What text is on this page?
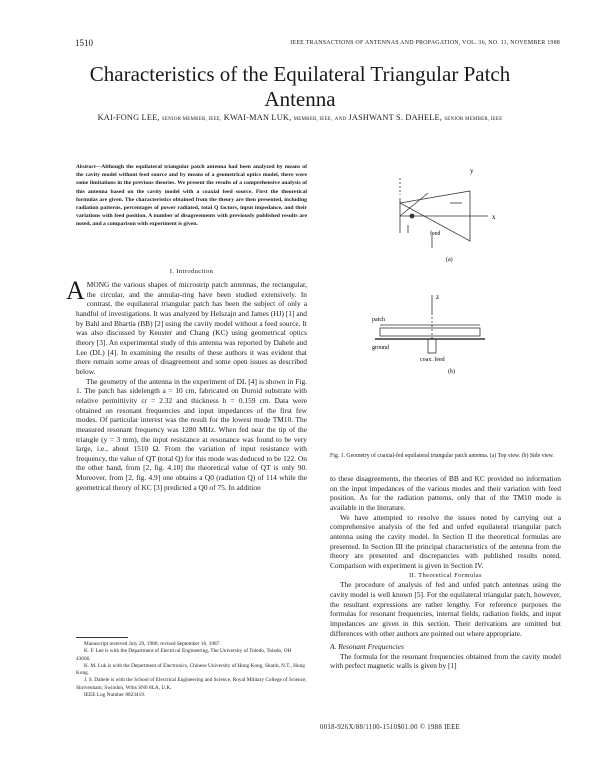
1510	IEEE TRANSACTIONS OF ANTENNAS AND PROPAGATION, VOL. 36, NO. 11, NOVEMBER 1988
Characteristics of the Equilateral Triangular Patch Antenna
KAI-FONG LEE, SENIOR MEMBER, IEEE, KWAI-MAN LUK, MEMBER, IEEE, AND JASHWANT S. DAHELE, SENIOR MEMBER, IEEE
Abstract—Although the equilateral triangular patch antenna had been analyzed by means of the cavity model without feed source and by means of a geometrical optics model, there were some limitations in the previous theories. We present the results of a comprehensive analysis of this antenna based on the cavity model with a coaxial feed source. First the theoretical formulas are given. The characteristics obtained from the theory are then presented, including radiation patterns, percentages of power radiated, total Q factors, input impedance, and their variations with feed position. A number of disagreements with previously published results are noted, and a comparison with experiment is given.
I. Introduction

AMONG the various shapes of microstrip patch antennas, the rectangular, the circular, and the annular-ring have been studied extensively. In contrast, the equilateral triangular patch has been the subject of only a handful of investigations. It was analyzed by Helszajn and James (HJ) [1] and by Bahl and Bhartia (BB) [2] using the cavity model without a feed source. It was also discussed by Keuster and Chang (KC) using geometrical optics theory [3]. An experimental study of this antenna was reported by Dahele and Lee (DL) [4]. In examining the results of these authors it was evident that there remain some areas of disagreement and some open issues as described below.

The geometry of the antenna in the experiment of DL [4] is shown in Fig. 1. The patch has sidelength a = 10 cm, fabricated on Duroid substrate with relative permittivity εr = 2.32 and thickness h = 0.159 cm. Data were obtained on resonant frequencies and input impedances of the first few modes. Of particular interest was the result for the lowest mode TM10. The measured resonant frequency was 1280 MHz. When fed near the tip of the triangle (y = 3 mm), the input resistance at resonance was found to be very large, i.e., about 1510 Ω. From the variation of input resistance with frequency, the value of QT (total Q) for this mode was deduced to be 122. On the other hand, from [2, fig. 4.10] the theoretical value of QT is only 90. Moreover, from [2, fig. 4.9] one obtains a Q0 (radiation Q) of 114 while the geometrical theory of KC [3] predicted a Q0 of 75. In addition

Manuscript received July 29, 1986; revised September 16, 1987.

K. F. Lee is with the Department of Electrical Engineering, The University of Toledo, Toledo, OH 43606.

K. M. Luk is with the Department of Electronics, Chinese University of Hong Kong, Shatin, N.T., Hong Kong.

J. S. Dahele is with the School of Electrical Engineering and Science, Royal Military College of Science, Shrivenham, Swindon, Wilts SN6 8LA, U.K.

IEEE Log Number 8823419.

y
x
feed
(a)
z
patch
ground
coax. feed
(b)
Fig. 1. Geometry of coaxial-fed equilateral triangular patch antenna. (a) Top view. (b) Side view.

to these disagreements, the theories of BB and KC provided no information on the input impedances of the various modes and their variation with feed position. As for the radiation patterns, only that of the TM10 mode is available in the literature.

We have attempted to resolve the issues noted by carrying out a comprehensive analysis of the fed and unfed equilateral triangular patch antenna using the cavity model. In Section II the theoretical formulas are presented. In Section III the principal characteristics of the antenna from the theory are presented and discrepancies with published results noted. Comparison with experiment is given in Section IV.

II. Theoretical Formulas

The procedure of analysis of fed and unfed patch antennas using the cavity model is well known [5]. For the equilateral triangular patch, however, the resultant expressions are rather lengthy. For reference purposes the formulas for resonant frequencies, internal fields, radiation fields, and input impedances are given in this section. Their derivations are omitted but differences with other authors are pointed out where appropriate.

A. Resonant Frequencies

The formula for the resonant frequencies obtained from the cavity model with perfect magnetic walls is given by [1]

0018-926X/88/1100-1510$01.00 © 1988 IEEE
